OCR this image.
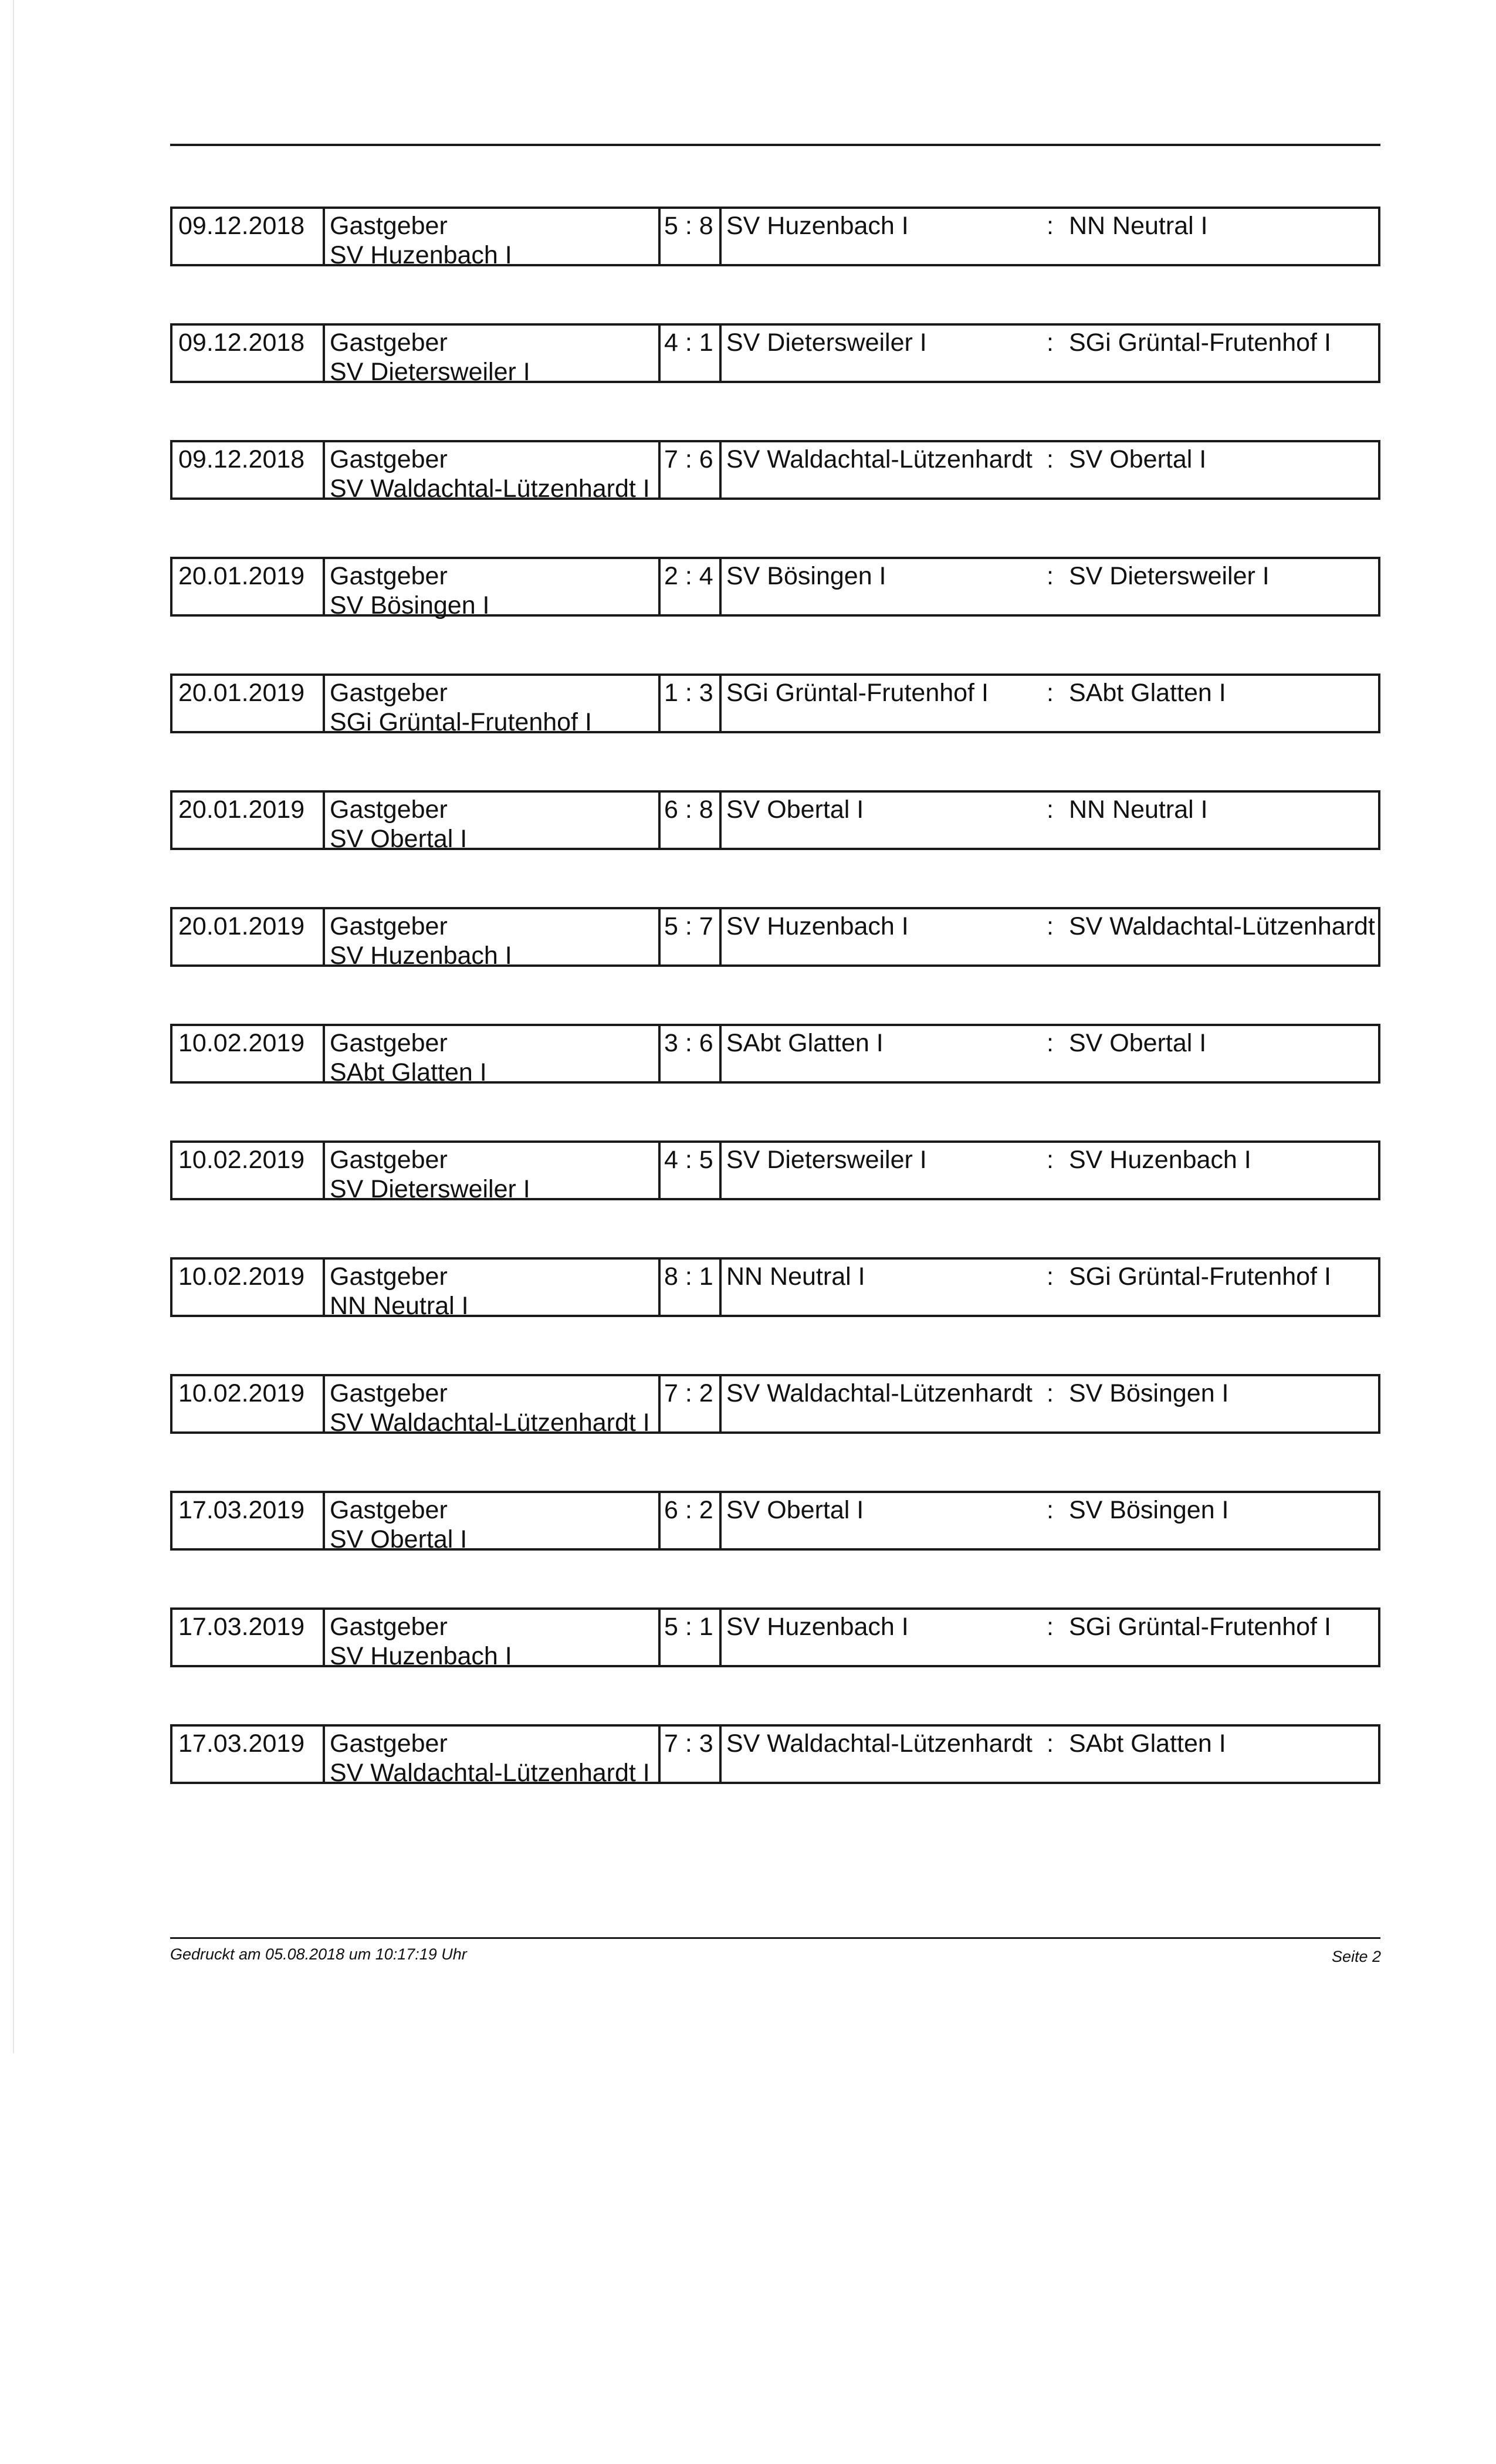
09.12.2018 Gastgeber
SV Huzenbach I
5 : 8 SV Huzenbach I	: NN Neutral I
09.12.2018 Gastgeber
SV Dietersweiler I
4 : 1 SV Dietersweiler I	: SGi Grüntal-Frutenhof I
09.12.2018 Gastgeber
SV Waldachtal-Lützenhardt I
7 : 6 SV Waldachtal-Lützenhardt : SV Obertal I
20.01.2019 Gastgeber
SV Bösingen I
2 : 4 SV Bösingen I	: SV Dietersweiler I
20.01.2019 Gastgeber
SGi Grüntal-Frutenhof I
1 : 3 SGi Grüntal-Frutenhof I	: SAbt Glatten I
20.01.2019 Gastgeber
SV Obertal I
6 : 8 SV Obertal I	: NN Neutral I
20.01.2019 Gastgeber
SV Huzenbach I
5 : 7 SV Huzenbach I	: SV Waldachtal-Lützenhardt
10.02.2019 Gastgeber
SAbt Glatten I
3 : 6 SAbt Glatten I	: SV Obertal I
10.02.2019 Gastgeber
SV Dietersweiler I
4 : 5 SV Dietersweiler I	: SV Huzenbach I
10.02.2019 Gastgeber
NN Neutral I
8 : 1 NN Neutral I	: SGi Grüntal-Frutenhof I
10.02.2019 Gastgeber
SV Waldachtal-Lützenhardt I
7 : 2 SV Waldachtal-Lützenhardt : SV Bösingen I
17.03.2019 Gastgeber
SV Obertal I
6 : 2 SV Obertal I	: SV Bösingen I
17.03.2019 Gastgeber
SV Huzenbach I
5 : 1 SV Huzenbach I	: SGi Grüntal-Frutenhof I
17.03.2019 Gastgeber
SV Waldachtal-Lützenhardt I
7 : 3 SV Waldachtal-Lützenhardt : SAbt Glatten I
Gedruckt am 05.08.2018 um 10:17:19 Uhr	Seite 2
